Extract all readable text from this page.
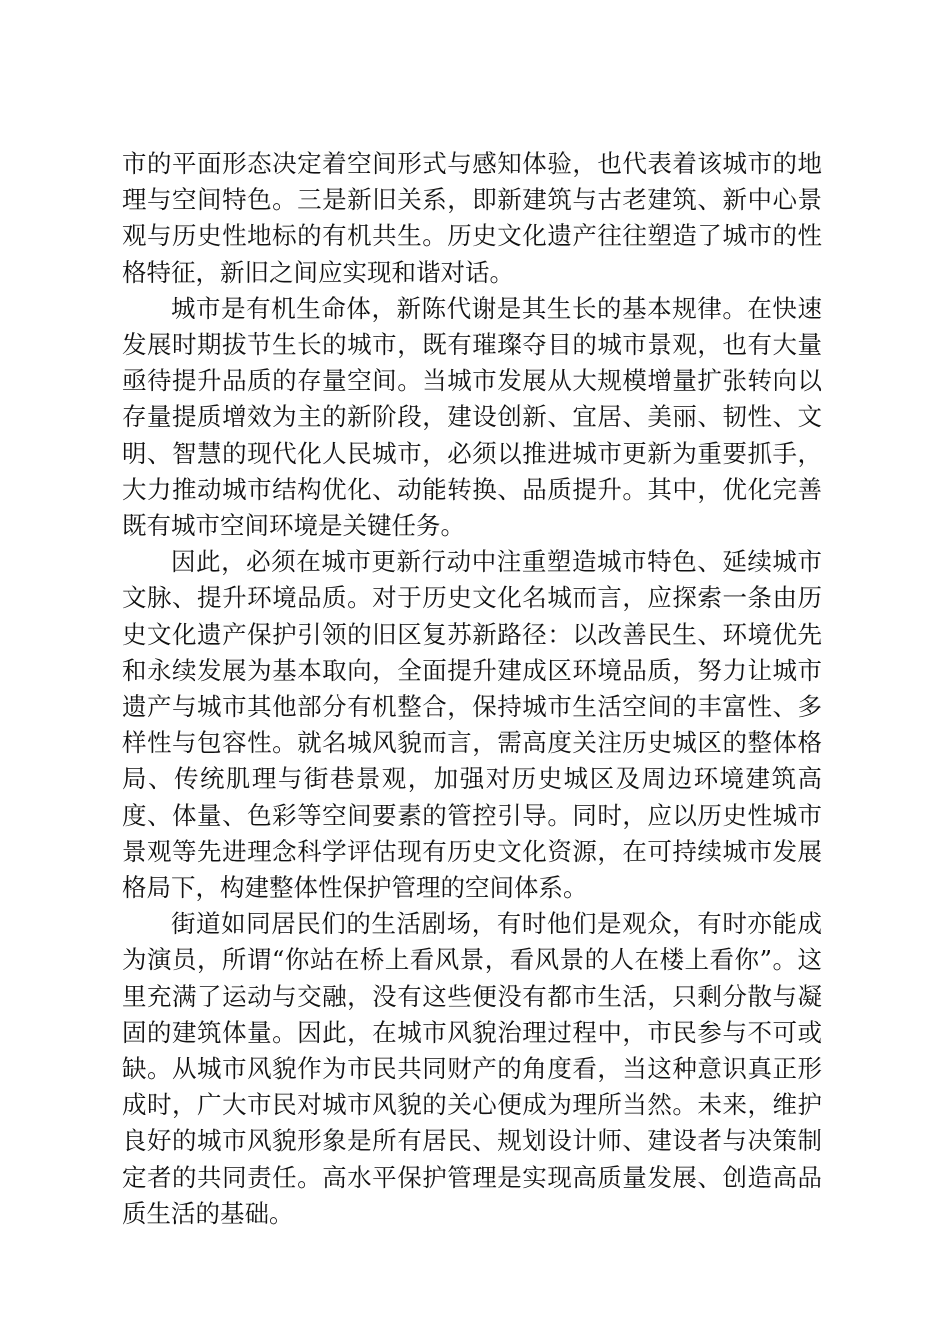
市的平面形态决定着空间形式与感知体验，也代表着该城市的地理与空间特色。三是新旧关系，即新建筑与古老建筑、新中心景观与历史性地标的有机共生。历史文化遗产往往塑造了城市的性格特征，新旧之间应实现和谐对话。

城市是有机生命体，新陈代谢是其生长的基本规律。在快速发展时期拔节生长的城市，既有璀璨夺目的城市景观，也有大量亟待提升品质的存量空间。当城市发展从大规模增量扩张转向以存量提质增效为主的新阶段，建设创新、宜居、美丽、韧性、文明、智慧的现代化人民城市，必须以推进城市更新为重要抓手，大力推动城市结构优化、动能转换、品质提升。其中，优化完善既有城市空间环境是关键任务。

因此，必须在城市更新行动中注重塑造城市特色、延续城市文脉、提升环境品质。对于历史文化名城而言，应探索一条由历史文化遗产保护引领的旧区复苏新路径：以改善民生、环境优先和永续发展为基本取向，全面提升建成区环境品质，努力让城市遗产与城市其他部分有机整合，保持城市生活空间的丰富性、多样性与包容性。就名城风貌而言，需高度关注历史城区的整体格局、传统肌理与街巷景观，加强对历史城区及周边环境建筑高度、体量、色彩等空间要素的管控引导。同时，应以历史性城市景观等先进理念科学评估现有历史文化资源，在可持续城市发展格局下，构建整体性保护管理的空间体系。

街道如同居民们的生活剧场，有时他们是观众，有时亦能成为演员，所谓“你站在桥上看风景，看风景的人在楼上看你”。这里充满了运动与交融，没有这些便没有都市生活，只剩分散与凝固的建筑体量。因此，在城市风貌治理过程中，市民参与不可或缺。从城市风貌作为市民共同财产的角度看，当这种意识真正形成时，广大市民对城市风貌的关心便成为理所当然。未来，维护良好的城市风貌形象是所有居民、规划设计师、建设者与决策制定者的共同责任。高水平保护管理是实现高质量发展、创造高品质生活的基础。
